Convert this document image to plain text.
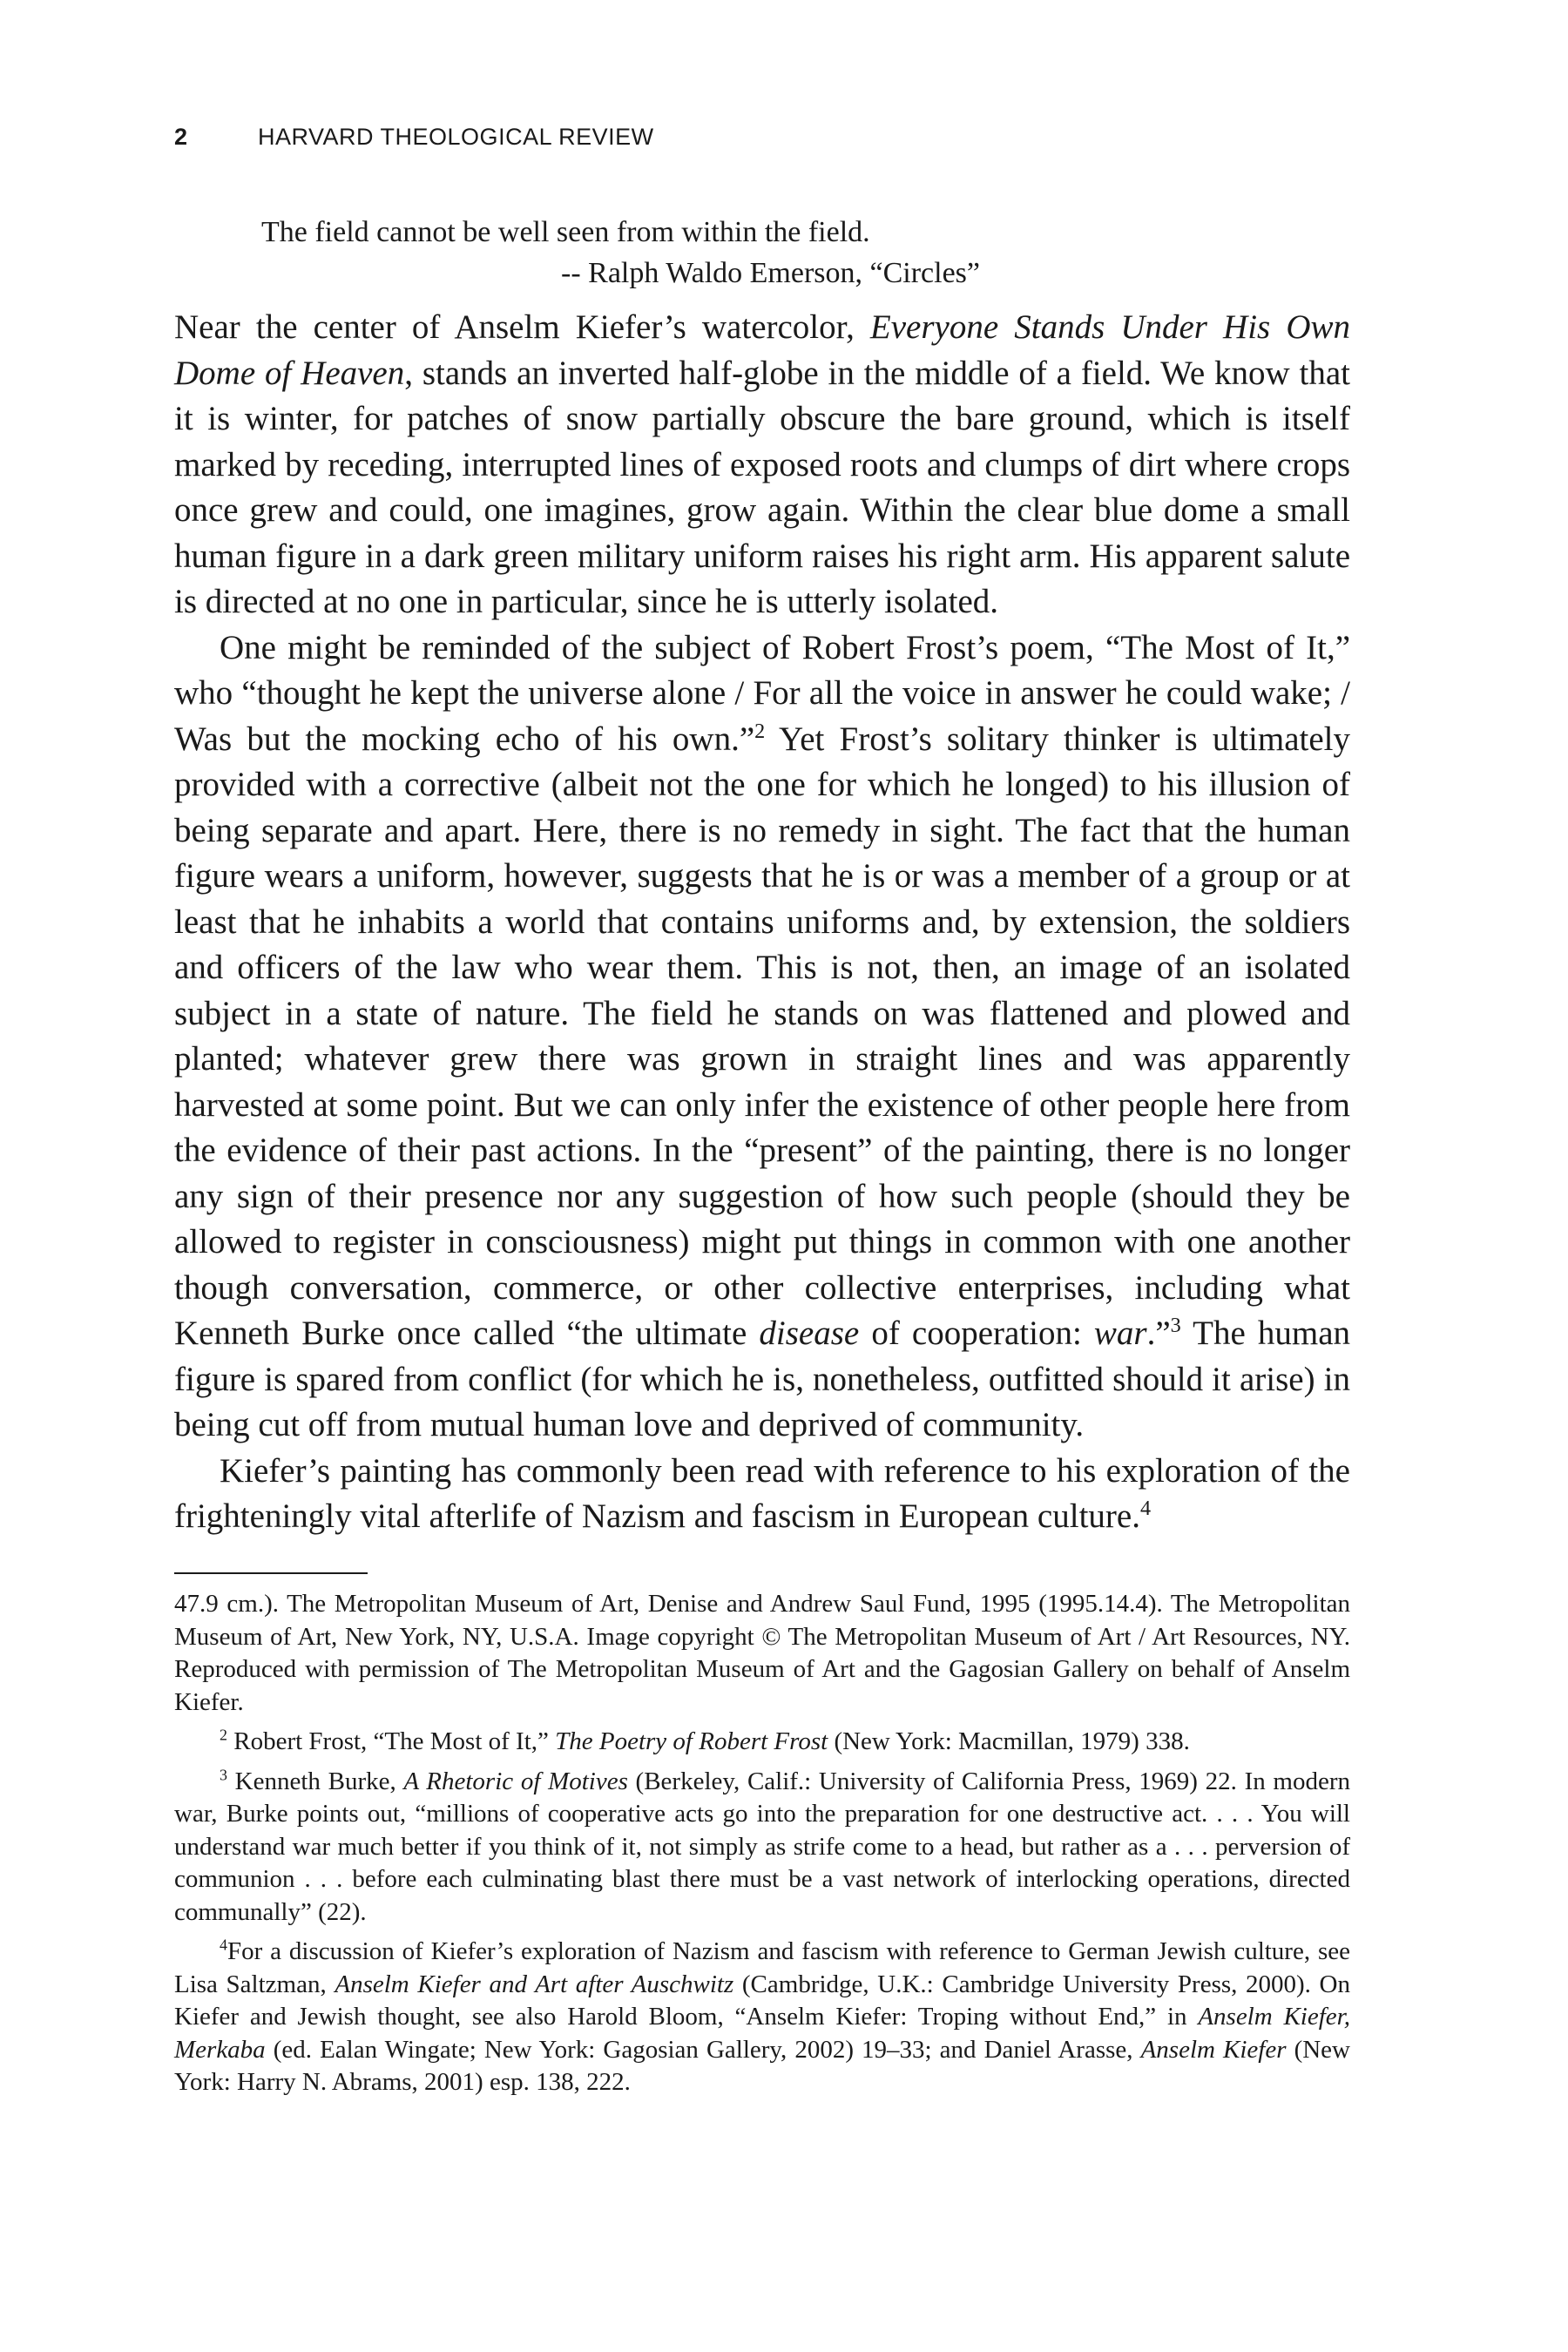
2	HARVARD THEOLOGICAL REVIEW
The field cannot be well seen from within the field.
-- Ralph Waldo Emerson, “Circles”

Near the center of Anselm Kiefer’s watercolor, Everyone Stands Under His Own Dome of Heaven, stands an inverted half-globe in the middle of a field. We know that it is winter, for patches of snow partially obscure the bare ground, which is itself marked by receding, interrupted lines of exposed roots and clumps of dirt where crops once grew and could, one imagines, grow again. Within the clear blue dome a small human figure in a dark green military uniform raises his right arm. His apparent salute is directed at no one in particular, since he is utterly isolated.

One might be reminded of the subject of Robert Frost’s poem, “The Most of It,” who “thought he kept the universe alone / For all the voice in answer he could wake; / Was but the mocking echo of his own.”$^2$ Yet Frost’s solitary thinker is ultimately provided with a corrective (albeit not the one for which he longed) to his illusion of being separate and apart. Here, there is no remedy in sight. The fact that the human figure wears a uniform, however, suggests that he is or was a member of a group or at least that he inhabits a world that contains uniforms and, by extension, the soldiers and officers of the law who wear them. This is not, then, an image of an isolated subject in a state of nature. The field he stands on was flattened and plowed and planted; whatever grew there was grown in straight lines and was apparently harvested at some point. But we can only infer the existence of other people here from the evidence of their past actions. In the “present” of the painting, there is no longer any sign of their presence nor any suggestion of how such people (should they be allowed to register in consciousness) might put things in common with one another though conversation, commerce, or other collective enterprises, including what Kenneth Burke once called “the ultimate disease of cooperation: war.”$^3$ The human figure is spared from conflict (for which he is, nonetheless, outfitted should it arise) in being cut off from mutual human love and deprived of community.

Kiefer’s painting has commonly been read with reference to his exploration of the frighteningly vital afterlife of Nazism and fascism in European culture.$^4$

47.9 cm.). The Metropolitan Museum of Art, Denise and Andrew Saul Fund, 1995 (1995.14.4). The Metropolitan Museum of Art, New York, NY, U.S.A. Image copyright © The Metropolitan Museum of Art / Art Resources, NY. Reproduced with permission of The Metropolitan Museum of Art and the Gagosian Gallery on behalf of Anselm Kiefer.

$^2$ Robert Frost, “The Most of It,” The Poetry of Robert Frost (New York: Macmillan, 1979) 338.

$^3$ Kenneth Burke, A Rhetoric of Motives (Berkeley, Calif.: University of California Press, 1969) 22. In modern war, Burke points out, “millions of cooperative acts go into the preparation for one destructive act. . . . You will understand war much better if you think of it, not simply as strife come to a head, but rather as a . . . perversion of communion . . . before each culminating blast there must be a vast network of interlocking operations, directed communally” (22).

$^4$For a discussion of Kiefer’s exploration of Nazism and fascism with reference to German Jewish culture, see Lisa Saltzman, Anselm Kiefer and Art after Auschwitz (Cambridge, U.K.: Cambridge University Press, 2000). On Kiefer and Jewish thought, see also Harold Bloom, “Anselm Kiefer: Troping without End,” in Anselm Kiefer, Merkaba (ed. Ealan Wingate; New York: Gagosian Gallery, 2002) 19–33; and Daniel Arasse, Anselm Kiefer (New York: Harry N. Abrams, 2001) esp. 138, 222.
